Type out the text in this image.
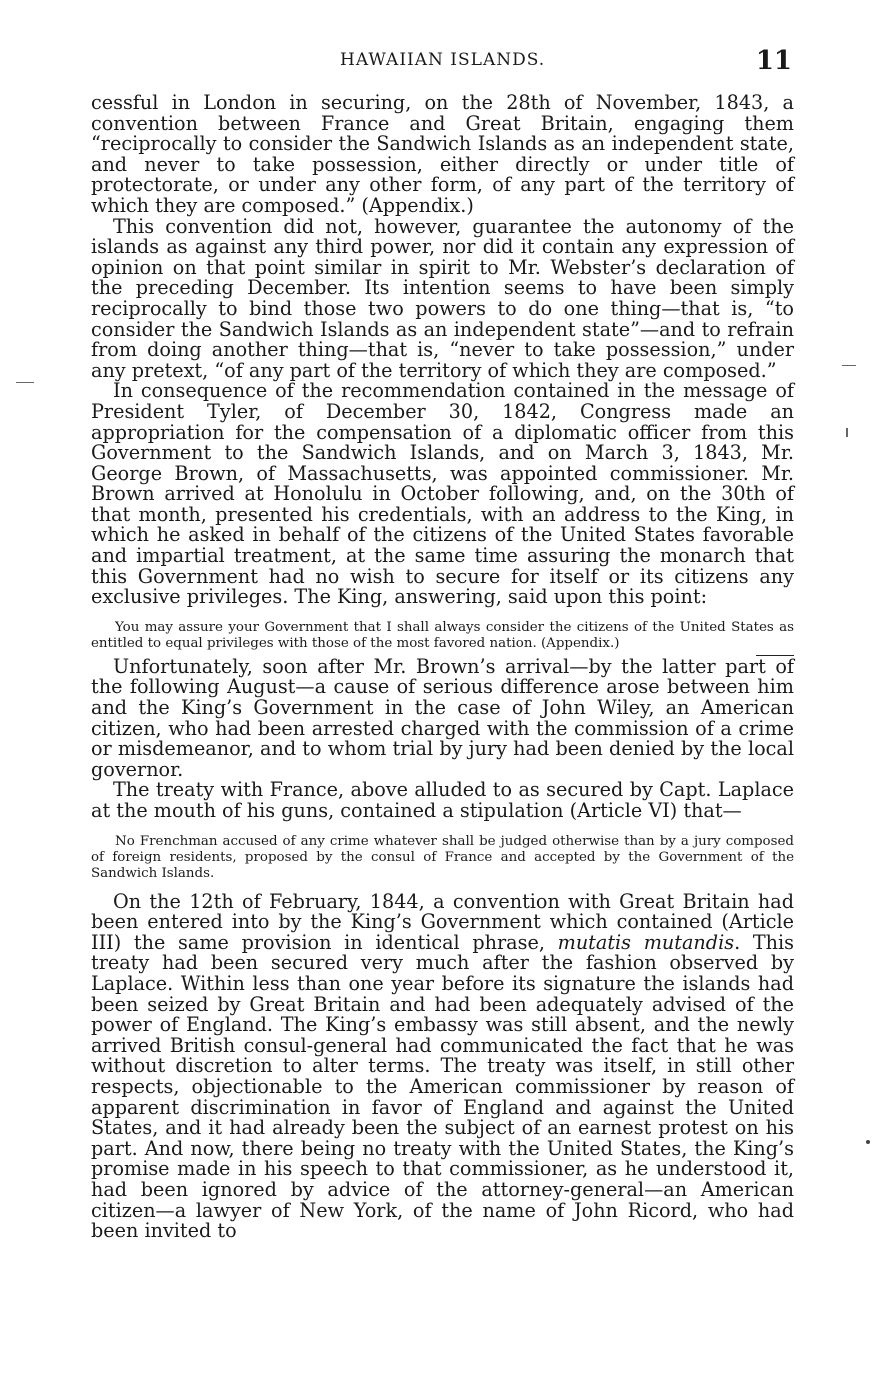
HAWAIIAN ISLANDS.	11

cessful in London in securing, on the 28th of November, 1843, a convention between France and Great Britain, engaging them “reciprocally to consider the Sandwich Islands as an independent state, and never to take possession, either directly or under title of protectorate, or under any other form, of any part of the territory of which they are composed.” (Appendix.)

This convention did not, however, guarantee the autonomy of the islands as against any third power, nor did it contain any expression of opinion on that point similar in spirit to Mr. Webster’s declaration of the preceding December. Its intention seems to have been simply reciprocally to bind those two powers to do one thing—that is, “to consider the Sandwich Islands as an independent state”—and to refrain from doing another thing—that is, “never to take possession,” under any pretext, “of any part of the territory of which they are composed.”

In consequence of the recommendation contained in the message of President Tyler, of December 30, 1842, Congress made an appropriation for the compensation of a diplomatic officer from this Government to the Sandwich Islands, and on March 3, 1843, Mr. George Brown, of Massachusetts, was appointed commissioner. Mr. Brown arrived at Honolulu in October following, and, on the 30th of that month, presented his credentials, with an address to the King, in which he asked in behalf of the citizens of the United States favorable and impartial treatment, at the same time assuring the monarch that this Government had no wish to secure for itself or its citizens any exclusive privileges. The King, answering, said upon this point:

You may assure your Government that I shall always consider the citizens of the United States as entitled to equal privileges with those of the most favored nation. (Appendix.)

Unfortunately, soon after Mr. Brown’s arrival—by the latter part of the following August—a cause of serious difference arose between him and the King’s Government in the case of John Wiley, an American citizen, who had been arrested charged with the commission of a crime or misdemeanor, and to whom trial by jury had been denied by the local governor.

The treaty with France, above alluded to as secured by Capt. Laplace at the mouth of his guns, contained a stipulation (Article VI) that—

No Frenchman accused of any crime whatever shall be judged otherwise than by a jury composed of foreign residents, proposed by the consul of France and accepted by the Government of the Sandwich Islands.

On the 12th of February, 1844, a convention with Great Britain had been entered into by the King’s Government which contained (Article III) the same provision in identical phrase, mutatis mutandis. This treaty had been secured very much after the fashion observed by Laplace. Within less than one year before its signature the islands had been seized by Great Britain and had been adequately advised of the power of England. The King’s embassy was still absent, and the newly arrived British consul-general had communicated the fact that he was without discretion to alter terms. The treaty was itself, in still other respects, objectionable to the American commissioner by reason of apparent discrimination in favor of England and against the United States, and it had already been the subject of an earnest protest on his part. And now, there being no treaty with the United States, the King’s promise made in his speech to that commissioner, as he understood it, had been ignored by advice of the attorney-general—an American citizen—a lawyer of New York, of the name of John Ricord, who had been invited to
